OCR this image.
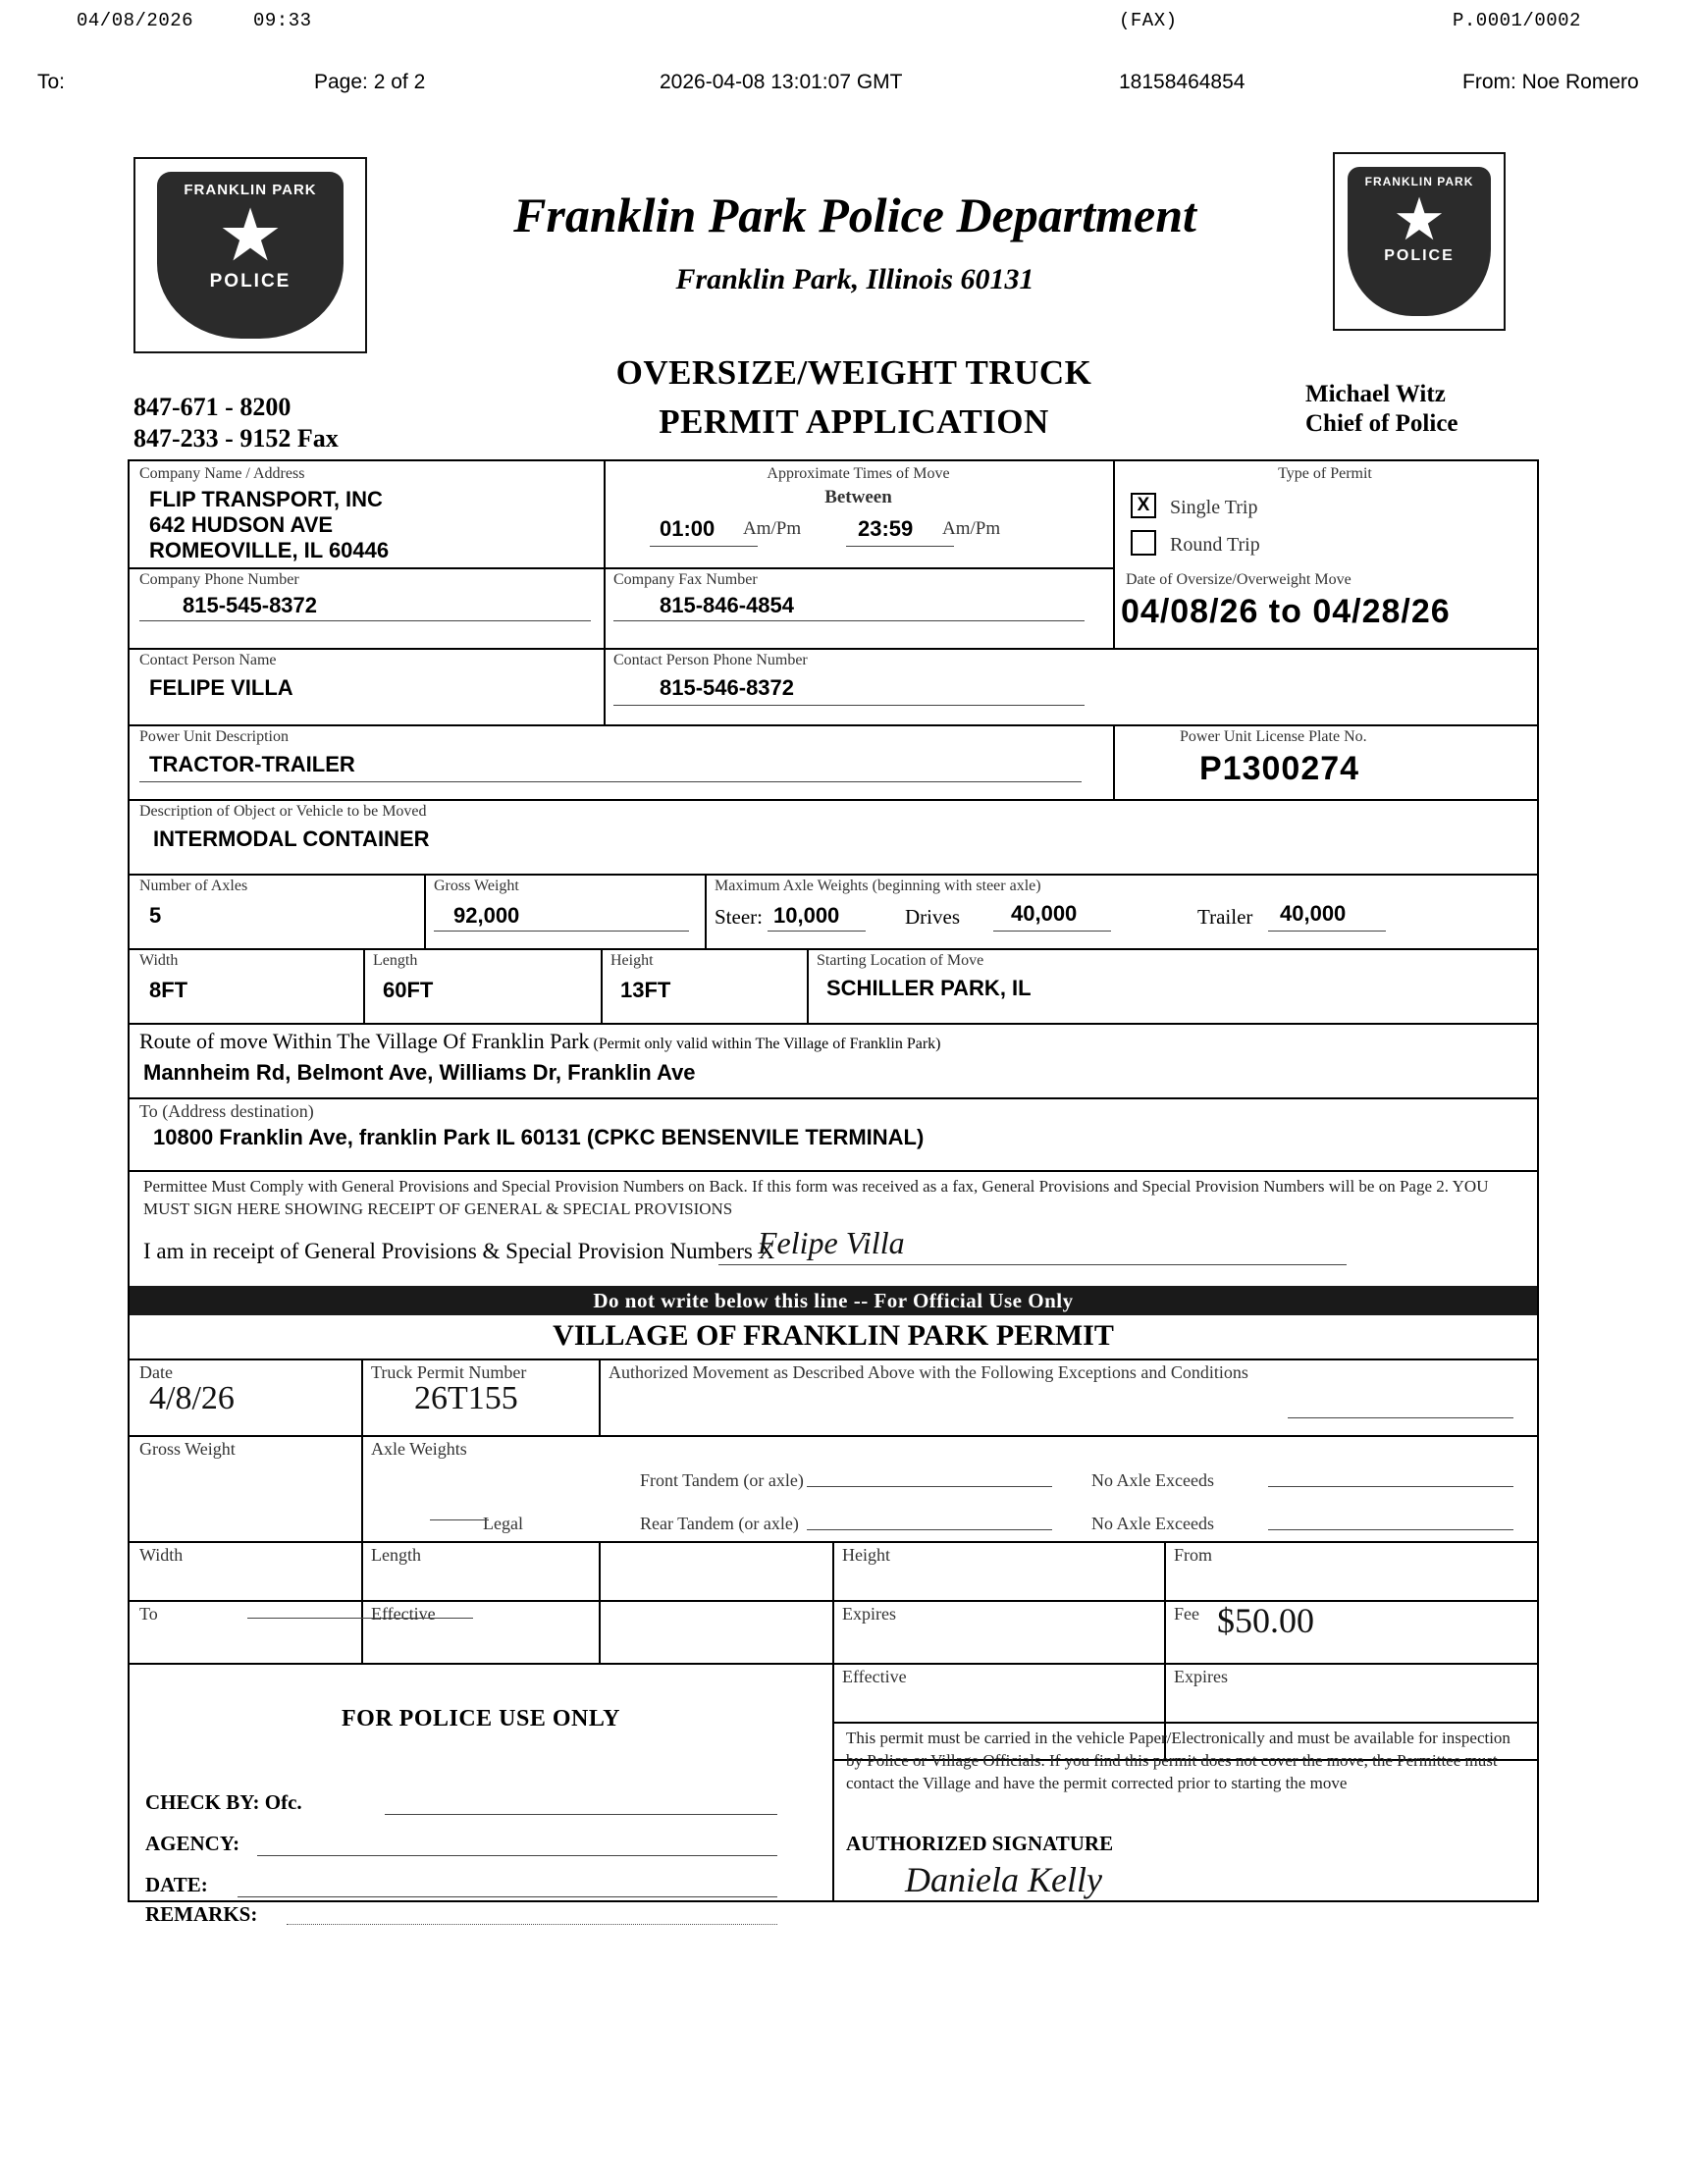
04/08/2026	09:33	(FAX)	P.0001/0002
To:	Page: 2 of 2	2026-04-08 13:01:07 GMT	18158464854	From: Noe Romero
FRANKLIN PARK
★
POLICE
FRANKLIN PARK
★
POLICE
Franklin Park Police Department
Franklin Park, Illinois 60131
OVERSIZE/WEIGHT TRUCK
PERMIT APPLICATION
847-671 - 8200
847-233 - 9152 Fax
Michael Witz
Chief of Police
Company Name / Address
FLIP TRANSPORT, INC
642 HUDSON AVE
ROMEOVILLE, IL 60446
Approximate Times of Move
Between
01:00 Am/Pm	23:59 Am/Pm
Type of Permit
X	Single Trip
Round Trip
Company Phone Number
815-545-8372
Company Fax Number
815-846-4854
Date of Oversize/Overweight Move
04/08/26 to 04/28/26
Contact Person Name
FELIPE VILLA
Contact Person Phone Number
815-546-8372
Power Unit Description
TRACTOR-TRAILER
Power Unit License Plate No.
P1300274
Description of Object or Vehicle to be Moved
INTERMODAL CONTAINER
Number of Axles
5
Gross Weight
92,000
Maximum Axle Weights (beginning with steer axle)
Steer: 10,000	Drives 40,000	Trailer 40,000
Width
8FT
Length
60FT
Height
13FT
Starting Location of Move
SCHILLER PARK, IL
Route of move Within The Village Of Franklin Park (Permit only valid within The Village of Franklin Park)
Mannheim Rd, Belmont Ave, Williams Dr, Franklin Ave
To (Address destination)
10800 Franklin Ave, franklin Park IL 60131 (CPKC BENSENVILE TERMINAL)
Permittee Must Comply with General Provisions and Special Provision Numbers on Back. If this form was received as a fax, General Provisions and Special Provision Numbers will be on Page 2. YOU MUST SIGN HERE SHOWING RECEIPT OF GENERAL & SPECIAL PROVISIONS
I am in receipt of General Provisions & Special Provision Numbers X
Felipe Villa
Do not write below this line -- For Official Use Only
VILLAGE OF FRANKLIN PARK PERMIT
Date
4/8/26
Truck Permit Number
26T155
Authorized Movement as Described Above with the Following Exceptions and Conditions
Gross Weight	Axle Weights
Front Tandem (or axle)	No Axle Exceeds
Legal	Rear Tandem (or axle)	No Axle Exceeds
Width	Length	Height	From
To	Effective	Expires	Fee $50.00
Effective	Expires
FOR POLICE USE ONLY
CHECK BY: Ofc.
AGENCY:
DATE:
REMARKS:
This permit must be carried in the vehicle Paper/Electronically and must be available for inspection by Police or Village Officials. If you find this permit does not cover the move, the Permittee must contact the Village and have the permit corrected prior to starting the move
AUTHORIZED SIGNATURE
Daniela Kelly
